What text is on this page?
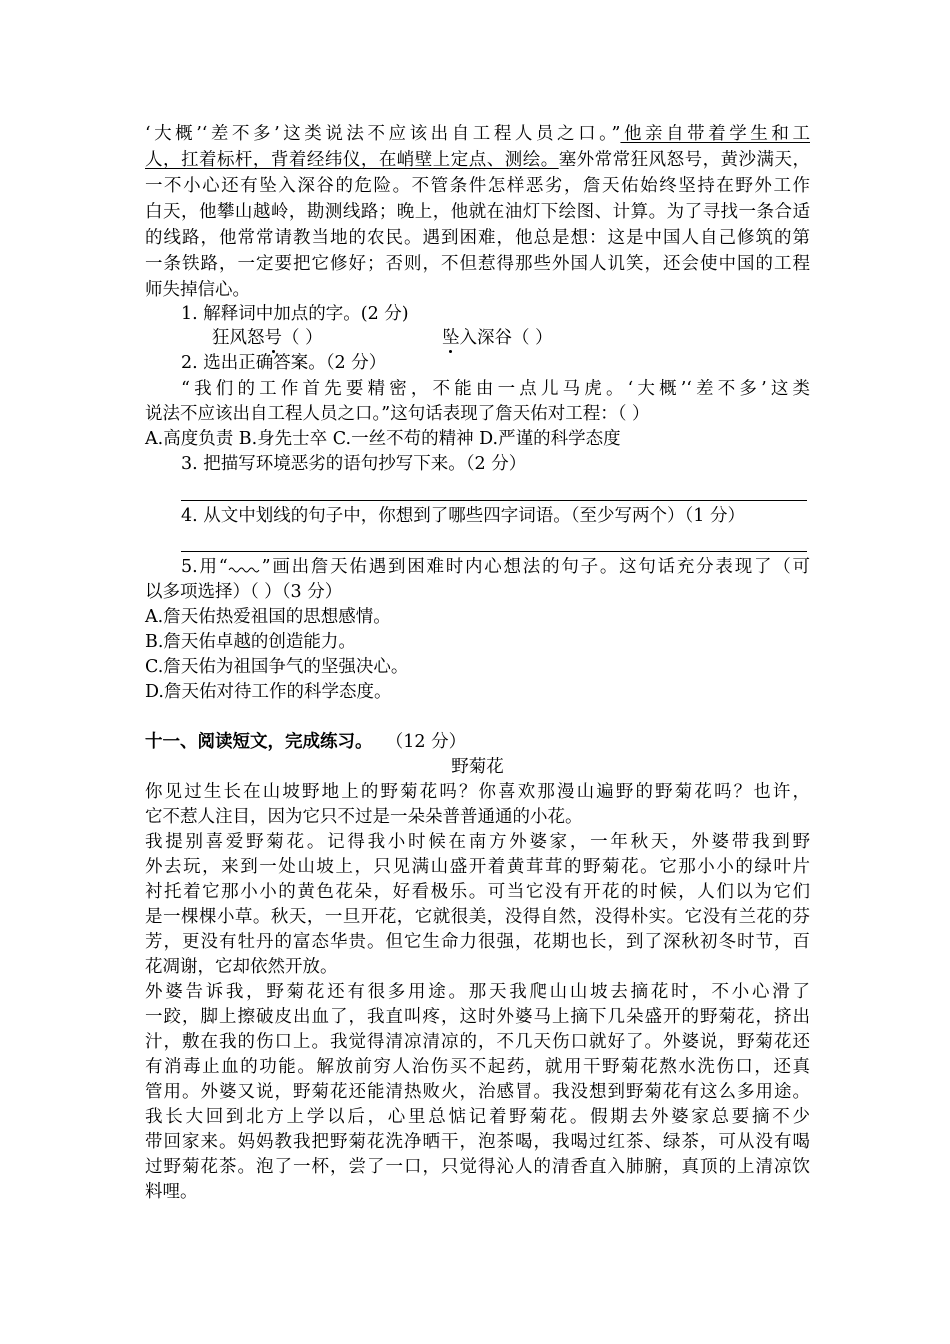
‘大概’‘差不多’这类说法不应该出自工程人员之口。”他亲自带着学生和工
人，扛着标杆，背着经纬仪，在峭壁上定点、测绘。塞外常常狂风怒号，黄沙满天，
一不小心还有坠入深谷的危险。不管条件怎样恶劣，詹天佑始终坚持在野外工作
白天，他攀山越岭，勘测线路；晚上，他就在油灯下绘图、计算。为了寻找一条合适
的线路，他常常请教当地的农民。遇到困难，他总是想：这是中国人自己修筑的第
一条铁路，一定要把它修好；否则，不但惹得那些外国人讥笑，还会使中国的工程
师失掉信心。
1. 解释词中加点的字。(2 分)
狂风怒号（ ）	坠入深谷（ ）
2. 选出正确答案。（2 分）
“我们的工作首先要精密，不能由一点儿马虎。‘大概’‘差不多’这类
说法不应该出自工程人员之口。”这句话表现了詹天佑对工程：（ ）
A.高度负责 B.身先士卒 C.一丝不苟的精神 D.严谨的科学态度
3. 把描写环境恶劣的语句抄写下来。（2 分）
4. 从文中划线的句子中，你想到了哪些四字词语。（至少写两个）（1 分）
5.用“ ”画出詹天佑遇到困难时内心想法的句子。这句话充分表现了（可
以多项选择）（ ）（3 分）
A.詹天佑热爱祖国的思想感情。
B.詹天佑卓越的创造能力。
C.詹天佑为祖国争气的坚强决心。
D.詹天佑对待工作的科学态度。
十一、阅读短文，完成练习。 （12 分）
野菊花
你见过生长在山坡野地上的野菊花吗？你喜欢那漫山遍野的野菊花吗？也许，
它不惹人注目，因为它只不过是一朵朵普普通通的小花。
我提别喜爱野菊花。记得我小时候在南方外婆家，一年秋天，外婆带我到野
外去玩，来到一处山坡上，只见满山盛开着黄茸茸的野菊花。它那小小的绿叶片
衬托着它那小小的黄色花朵，好看极乐。可当它没有开花的时候，人们以为它们
是一棵棵小草。秋天，一旦开花，它就很美，没得自然，没得朴实。它没有兰花的芬
芳，更没有牡丹的富态华贵。但它生命力很强，花期也长，到了深秋初冬时节，百
花凋谢，它却依然开放。
外婆告诉我，野菊花还有很多用途。那天我爬山山坡去摘花时，不小心滑了
一跤，脚上擦破皮出血了，我直叫疼，这时外婆马上摘下几朵盛开的野菊花，挤出
汁，敷在我的伤口上。我觉得清凉清凉的，不几天伤口就好了。外婆说，野菊花还
有消毒止血的功能。解放前穷人治伤买不起药，就用干野菊花熬水洗伤口，还真
管用。外婆又说，野菊花还能清热败火，治感冒。我没想到野菊花有这么多用途。
我长大回到北方上学以后，心里总惦记着野菊花。假期去外婆家总要摘不少
带回家来。妈妈教我把野菊花洗净晒干，泡茶喝，我喝过红茶、绿茶，可从没有喝
过野菊花茶。泡了一杯，尝了一口，只觉得沁人的清香直入肺腑，真顶的上清凉饮
料哩。
